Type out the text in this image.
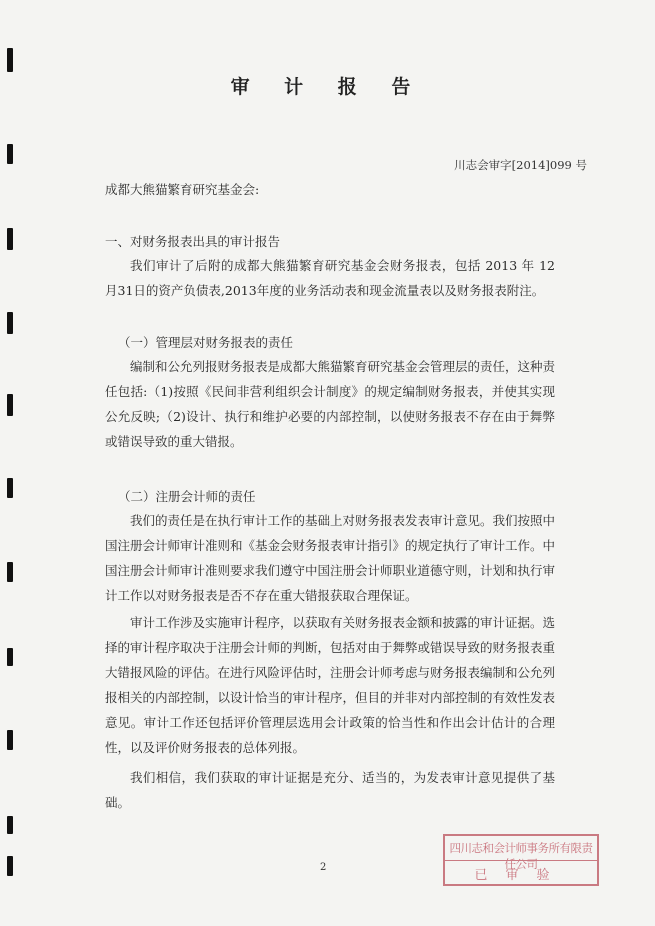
审 计 报 告
川志会审字[2014]099 号
成都大熊猫繁育研究基金会:
一、对财务报表出具的审计报告

我们审计了后附的成都大熊猫繁育研究基金会财务报表，包括 2013 年 12 月31日的资产负债表,2013年度的业务活动表和现金流量表以及财务报表附注。

（一）管理层对财务报表的责任

编制和公允列报财务报表是成都大熊猫繁育研究基金会管理层的责任，这种责任包括:（1)按照《民间非营利组织会计制度》的规定编制财务报表，并使其实现公允反映;（2)设计、执行和维护必要的内部控制，以使财务报表不存在由于舞弊或错误导致的重大错报。

（二）注册会计师的责任

我们的责任是在执行审计工作的基础上对财务报表发表审计意见。我们按照中国注册会计师审计准则和《基金会财务报表审计指引》的规定执行了审计工作。中国注册会计师审计准则要求我们遵守中国注册会计师职业道德守则，计划和执行审计工作以对财务报表是否不存在重大错报获取合理保证。

审计工作涉及实施审计程序，以获取有关财务报表金额和披露的审计证据。选择的审计程序取决于注册会计师的判断，包括对由于舞弊或错误导致的财务报表重大错报风险的评估。在进行风险评估时，注册会计师考虑与财务报表编制和公允列报相关的内部控制，以设计恰当的审计程序，但目的并非对内部控制的有效性发表意见。审计工作还包括评价管理层选用会计政策的恰当性和作出会计估计的合理性，以及评价财务报表的总体列报。

我们相信，我们获取的审计证据是充分、适当的，为发表审计意见提供了基础。

2
四川志和会计师事务所有限责任公司
已审验
